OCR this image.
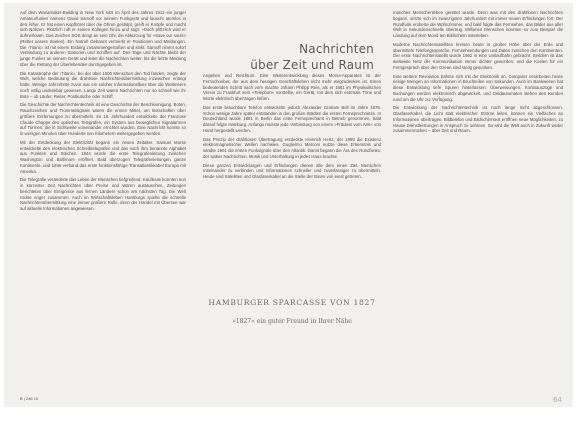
Auf dem Wanamaker-Building in New York sitzt im April des Jahres 1912 ein junger Amateurfunker namens David Sarnoff vor seinem Funkgerät und lauscht atemlos in den Äther. Er hat einen Kopfhörer über die Ohren gestülpt, greift er Knöpfe und macht sich Notizen. Plötzlich ruft er seinen Kollegen hinzu und sagt: »Doch plötzlich wird er aufmerksam. Das Zeichen SOS dringt an sein Ohr, die Abkürzung für »Save our souls« (Rettet unsere Seelen). Ein Notruf! Gebannt vermerkt er Positionen und Meldungen. Die ›Titanic‹ ist mit einem Eisberg zusammengestoßen und sinkt. Sarnoff nimmt sofort Verbindung zu anderen Stationen und Schiffen auf. Drei Tage und Nächte bleibt der junge Funker an seinem Gerät und leitet die Nachrichten weiter, bis die letzte Meldung über die Rettung der Überlebenden durchgegeben ist.

Die Katastrophe der ›Titanic‹, bei der über 1500 Menschen den Tod fanden, zeigte der Welt, welche Bedeutung die drahtlose Nachrichtenübermittlung inzwischen erlangt hatte. Wenige Jahrzehnte zuvor war ein solcher Informationsfluss über die Weltmeere noch völlig undenkbar gewesen. Lange Zeit waren Nachrichten nur so schnell wie ihr Bote – ob Läufer, Reiter, Postkutsche oder Schiff.

Die Geschichte der Nachrichtentechnik ist eine Geschichte der Beschleunigung. Boten, Rauchzeichen und Trommelsignale waren die ersten Mittel, um Botschaften über größere Entfernungen zu übermitteln. Im 18. Jahrhundert entwickelte der Franzose Claude Chappe den optischen Telegrafen, ein System aus beweglichen Signalarmen auf Türmen, die in Sichtweite voneinander errichtet wurden. Eine Nachricht konnte so in wenigen Minuten über Hunderte von Kilometern weitergegeben werden.

Mit der Entdeckung der Elektrizität begann ein neues Zeitalter. Samuel Morse entwickelte den elektrischen Schreibtelegrafen und das nach ihm benannte Alphabet aus Punkten und Strichen. 1844 wurde die erste Telegrafenleitung zwischen Washington und Baltimore eröffnet. Bald überzogen Telegrafenleitungen ganze Kontinente, und 1866 verband das erste funktionsfähige Transatlantikkabel Europa mit Amerika.

Die Telegrafie veränderte das Leben der Menschen tiefgreifend. Kaufleute konnten nun in kürzester Zeit Nachrichten über Preise und Waren austauschen, Zeitungen berichteten über Ereignisse aus fernen Ländern schon am nächsten Tag. Die Welt rückte enger zusammen. Auch im Wirtschaftsleben Hamburgs spielte die schnelle Nachrichtenübermittlung eine immer größere Rolle, denn der Handel mit Übersee war auf aktuelle Informationen angewiesen.

Nachrichten
über Zeit und Raum

Angehen und Reichtum. Eine Weiterentwicklung dieses Morse-Apparates ist der Fernschreiber, der aus dem heutigen Geschäftsleben nicht mehr wegzudenken ist. Einen bedeutenden Schritt nach vorn machte Johann Philipp Reis, als er 1861 im Physikalischen Verein zu Frankfurt sein »Telephon« vorstellte, ein Gerät, mit dem sich erstmals Töne und Worte elektrisch übertragen ließen.

Das erste brauchbare Telefon entwickelte jedoch Alexander Graham Bell im Jahre 1876. Schon wenige Jahre später entstanden in den großen Städten die ersten Fernsprechnetze. In Deutschland wurde 1881 in Berlin das erste Fernsprechamt in Betrieb genommen, bald darauf folgte Hamburg. Anfangs musste jede Verbindung von einem »Fräulein vom Amt« von Hand hergestellt werden.

Das Prinzip der drahtlosen Übertragung entdeckte Heinrich Hertz, der 1888 die Existenz elektromagnetischer Wellen nachwies. Guglielmo Marconi nutzte diese Erkenntnis und sandte 1901 die ersten Funksignale über den Atlantik. Damit begann die Ära des Rundfunks, der später Nachrichten, Musik und Unterhaltung in jedes Haus brachte.

Diese ganzen Entwicklungen und Erfindungen dienen alle dem einen Ziel, Menschen miteinander zu verbinden und Informationen schneller und zuverlässiger zu übermitteln. Heute sind Satelliten und Glasfaserkabel an die Stelle der Boten von einst getreten.

HAMBURGER SPARCASSE VON 1827
»1827« ein guter Freund in Ihrer Nähe

manches Menschenleben gerettet wurde. Denn was mit den drahtlosen Nachrichten begann, setzte sich im zwanzigsten Jahrhundert mit immer neuen Erfindungen fort. Der Rundfunk eroberte die Wohnzimmer, und bald folgte das Fernsehen, das Bilder aus aller Welt in Sekundenschnelle übertrug. Millionen Menschen konnten so zum Beispiel die Landung auf dem Mond am Bildschirm miterleben.

Moderne Nachrichtensatelliten kreisen heute in großer Höhe über der Erde und übermitteln Telefongespräche, Fernsehsendungen und Daten zwischen den Kontinenten. Der erste Nachrichtensatellit wurde 1962 in eine Umlaufbahn gebracht. Seitdem ist das weltweite Netz der Kommunikation immer dichter geworden, und die Kosten für ein Ferngespräch über den Ozean sind stetig gesunken.

Eine weitere Revolution bahnte sich mit der Elektronik an. Computer verarbeiten heute riesige Mengen an Informationen in Bruchteilen von Sekunden. Auch im Bankwesen hat diese Entwicklung tiefe Spuren hinterlassen: Überweisungen, Kontoauszüge und Buchungen werden elektronisch abgewickelt, und Geldautomaten stehen den Kunden rund um die Uhr zur Verfügung.

Die Entwicklung der Nachrichtentechnik ist noch lange nicht abgeschlossen. Glasfaserkabel, die Licht statt elektrischer Ströme leiten, können ein Vielfaches an Informationen übertragen. Bildtelefon und Bildschirmtext eröffnen neue Möglichkeiten, zu Hause Dienstleistungen in Anspruch zu nehmen. So wird die Welt auch in Zukunft weiter zusammenrücken – über Zeit und Raum.

B | 246 10	64
